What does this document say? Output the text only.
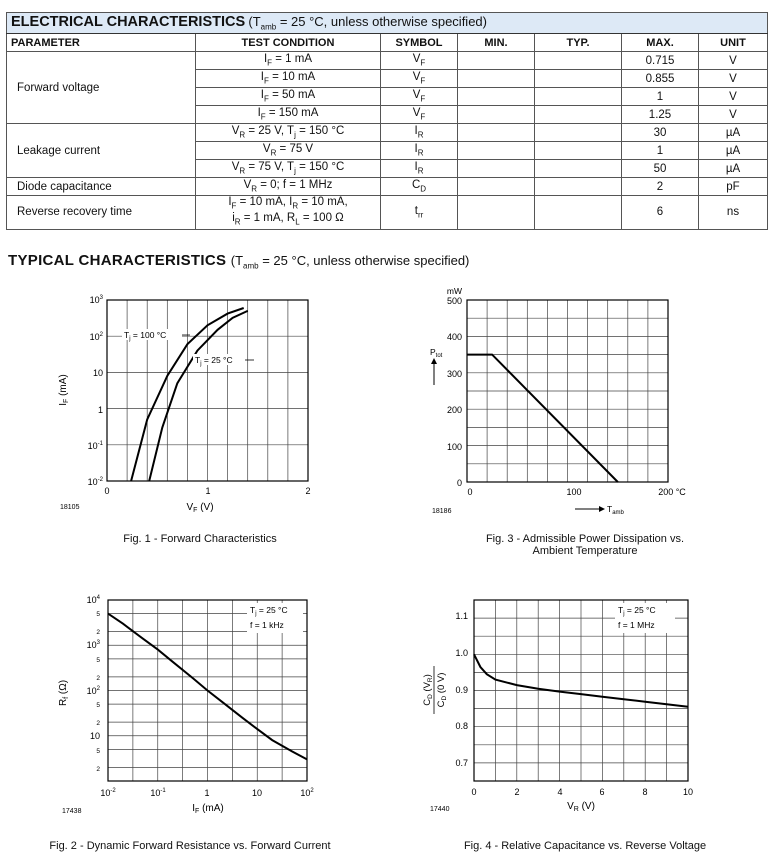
ELECTRICAL CHARACTERISTICS ($T_{amb} = 25$ °C, unless otherwise specified)						
PARAMETER	TEST CONDITION	SYMBOL	MIN.	TYP.	MAX.	UNIT
Forward voltage	$I_F = 1$ mA	$V_F$			0.715	V
	$I_F = 10$ mA	$V_F$			0.855	V
	$I_F = 50$ mA	$V_F$			1	V
	$I_F = 150$ mA	$V_F$			1.25	V
Leakage current	$V_R = 25$ V, $T_j = 150$ °C	$I_R$			30	µA
	$V_R = 75$ V	$I_R$			1	µA
	$V_R = 75$ V, $T_j = 150$ °C	$I_R$			50	µA
Diode capacitance	$V_R = 0$; f = 1 MHz	$C_D$			2	pF
Reverse recovery time	$I_F = 10$ mA, $I_R = 10$ mA,
$i_R = 1$ mA, $R_L = 100$ Ω	$t_{rr}$			6	ns
TYPICAL CHARACTERISTICS ($T_{amb} = 25$ °C, unless otherwise specified)
$10^3$
$10^2$
10
1
$10^{-1}$
$10^{-2}$
0	1	2
$V_F$ (V)
$I_F$ (mA)
18105
$T_j = 100$ °C
$T_j = 25$ °C
Fig. 1 - Forward Characteristics
mW
500
400
300
200
100
0
0	100	200 °C
$P_{tot}$
$T_{amb}$
18186
Fig. 3 - Admissible Power Dissipation vs.
Ambient Temperature
$10^4$
$10^3$
$10^2$
10
5
2
5
2
5
2
5
2
$10^{-2}$	$10^{-1}$	1	10	$10^2$
$I_F$ (mA)
$R_f$ (Ω)
17438
$T_j = 25$ °C
f = 1 kHz
Fig. 2 - Dynamic Forward Resistance vs. Forward Current
1.1
1.0
0.9
0.8
0.7
0	2	4	6	8	10
$V_R$ (V)
$C_D$ $(V_R)$
$C_D$ (0 V)
17440
$T_j = 25$ °C
f = 1 MHz
Fig. 4 - Relative Capacitance vs. Reverse Voltage
